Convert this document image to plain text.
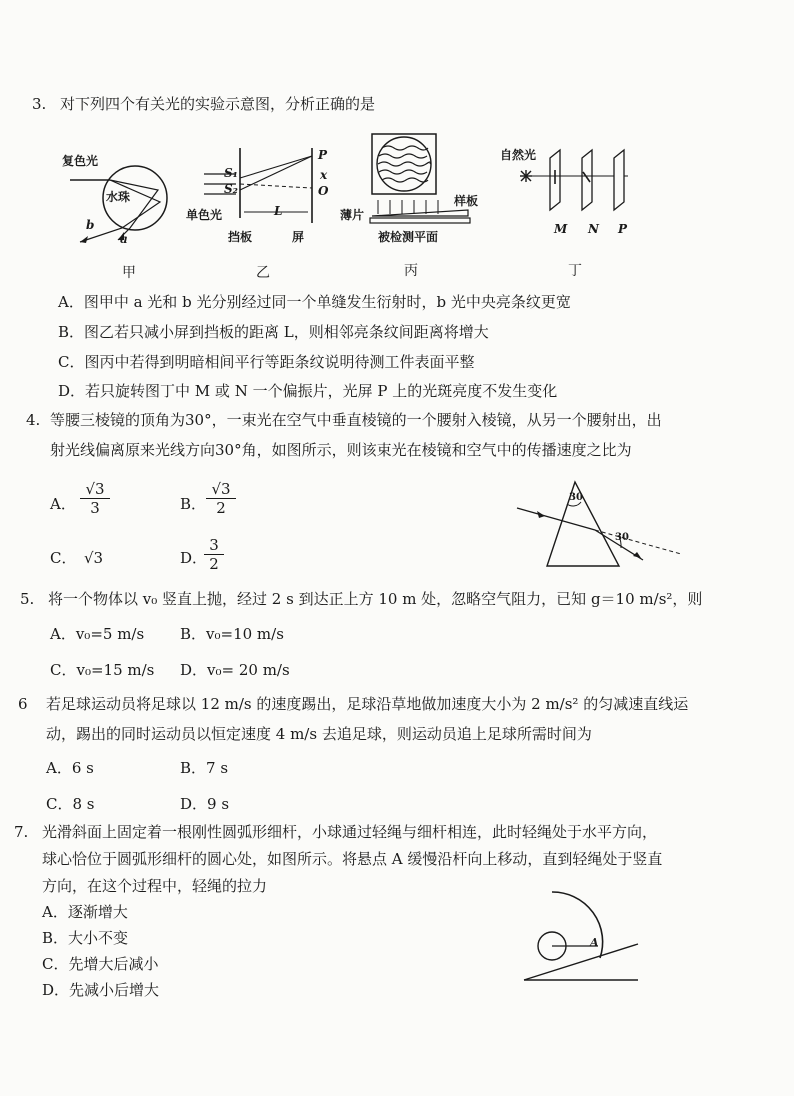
3. 对下列四个有关光的实验示意图，分析正确的是
复色光
水珠
b
a
甲
S₁
S₂
单色光	L
P
x
O
挡板	屏
乙
薄片
样板
被检测平面
丙
自然光
M N P
丁
A．图甲中 a 光和 b 光分别经过同一个单缝发生衍射时，b 光中央亮条纹更宽
B．图乙若只减小屏到挡板的距离 L，则相邻亮条纹间距离将增大
C．图丙中若得到明暗相间平行等距条纹说明待测工件表面平整
D．若只旋转图丁中 M 或 N 一个偏振片，光屏 P 上的光斑亮度不发生变化
4. 等腰三棱镜的顶角为30°，一束光在空气中垂直棱镜的一个腰射入棱镜，从另一个腰射出，出
射光线偏离原来光线方向30°角，如图所示，则该束光在棱镜和空气中的传播速度之比为
A． $\frac{√3}{3}$	B． $\frac{√3}{2}$
C． √3	D．
$\frac{3}{2}$
30
30
5. 将一个物体以 v₀ 竖直上抛，经过 2 s 到达正上方 10 m 处，忽略空气阻力，已知 g＝10 m/s²，则
A．v₀=5 m/s B．v₀=10 m/s
C．v₀=15 m/s D．v₀= 20 m/s
6 若足球运动员将足球以 12 m/s 的速度踢出，足球沿草地做加速度大小为 2 m/s² 的匀减速直线运
动，踢出的同时运动员以恒定速度 4 m/s 去追足球，则运动员追上足球所需时间为
A．6 s	B．7 s
C．8 s	D．9 s
7. 光滑斜面上固定着一根刚性圆弧形细杆，小球通过轻绳与细杆相连，此时轻绳处于水平方向，
球心恰位于圆弧形细杆的圆心处，如图所示。将悬点 A 缓慢沿杆向上移动，直到轻绳处于竖直
方向，在这个过程中，轻绳的拉力
A．逐渐增大
B．大小不变
C．先增大后减小
D．先减小后增大
A
